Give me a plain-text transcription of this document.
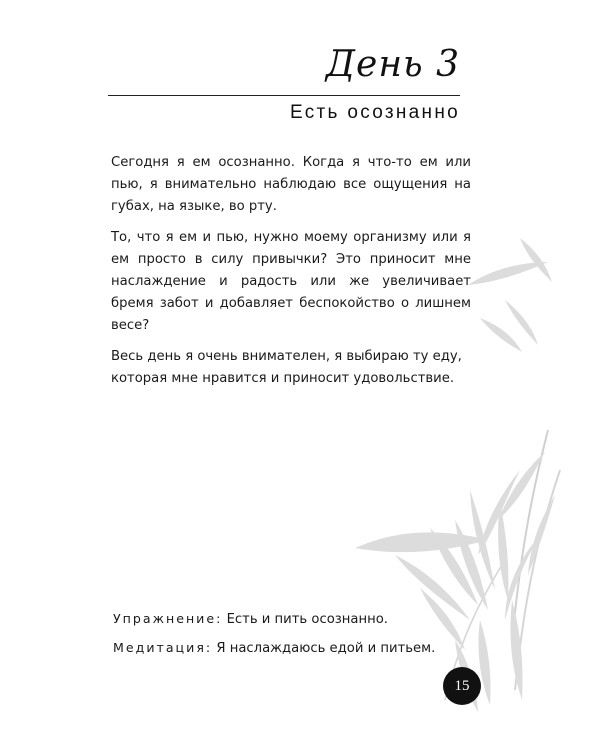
День 3
Есть осознанно

Сегодня я ем осознанно. Когда я что-то ем или пью, я внимательно наблюдаю все ощущения на губах, на языке, во рту.

То, что я ем и пью, нужно моему организму или я ем просто в силу привычки? Это приносит мне наслаждение и радость или же увеличивает бремя забот и добавляет беспокойство о лишнем весе?

Весь день я очень внимателен, я выбираю ту еду, которая мне нравится и приносит удовольствие.

Упражнение: Есть и пить осознанно.
Медитация: Я наслаждаюсь едой и питьем.
15
